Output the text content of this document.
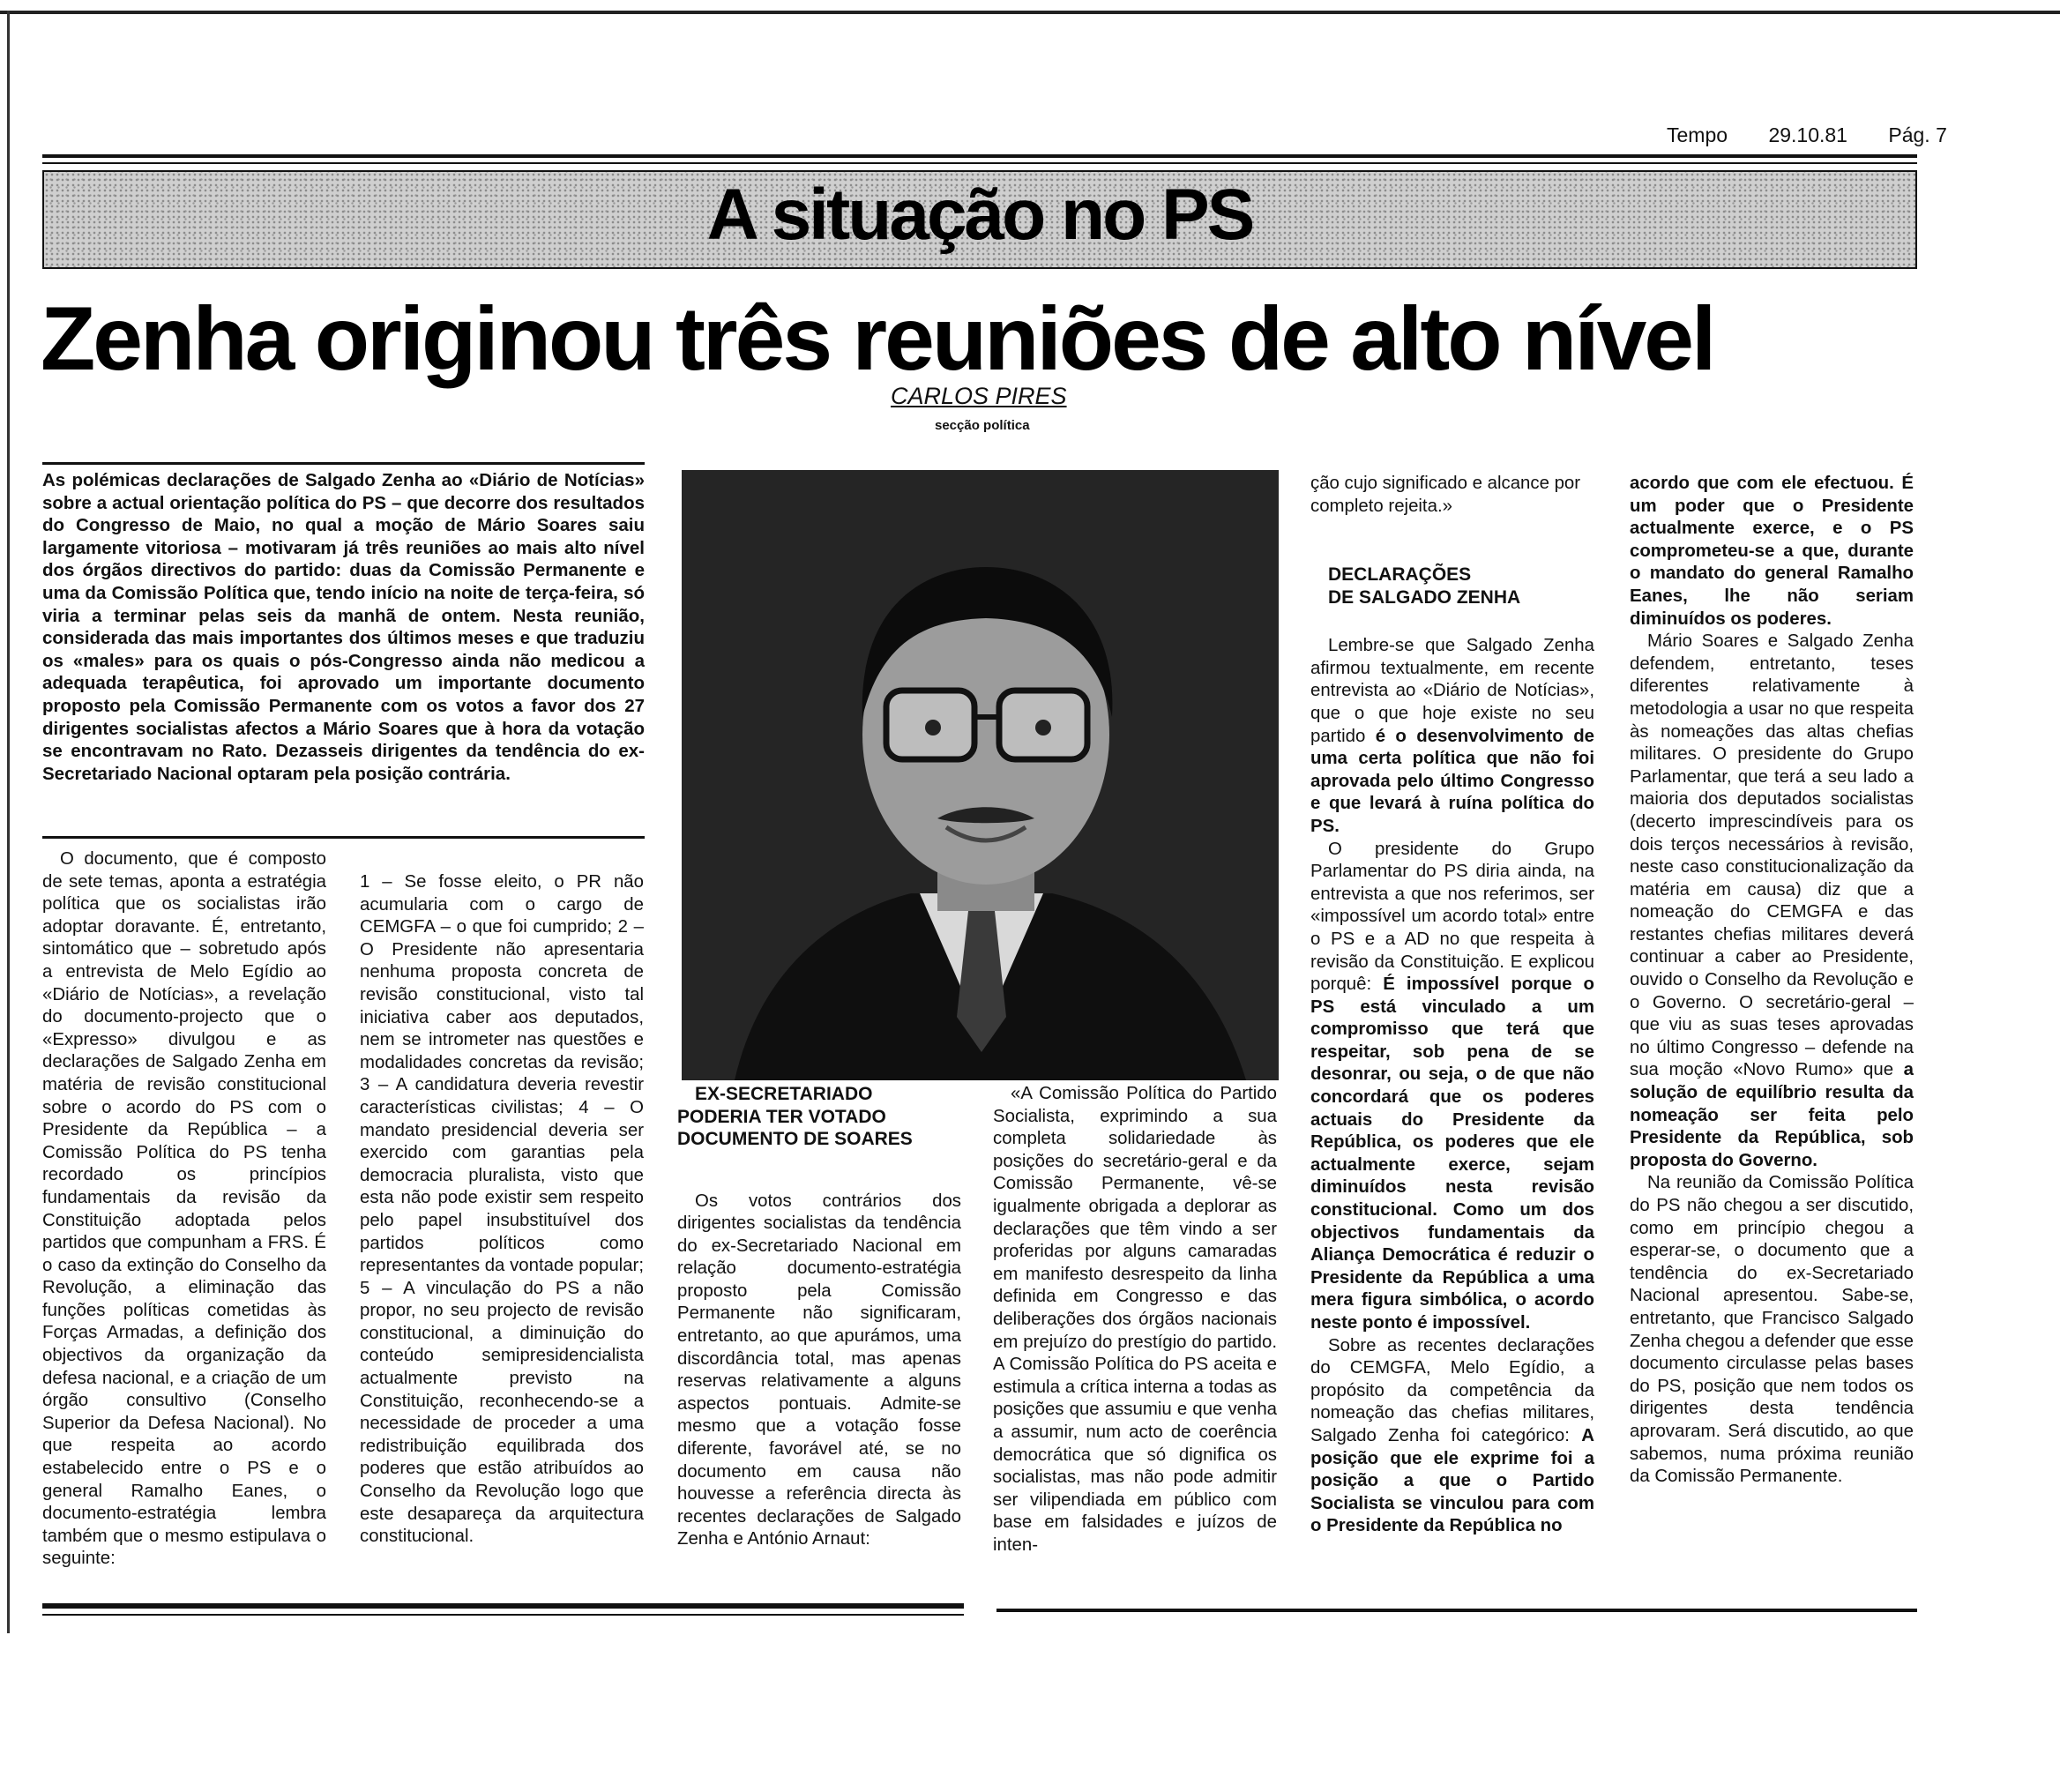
Tempo 29.10.81 Pág. 7
A situação no PS
Zenha originou três reuniões de alto nível
CARLOS PIRES
secção política
As polémicas declarações de Salgado Zenha ao «Diário de Notícias» sobre a actual orientação política do PS – que decorre dos resultados do Congresso de Maio, no qual a moção de Mário Soares saiu largamente vitoriosa – motivaram já três reuniões ao mais alto nível dos órgãos directivos do partido: duas da Comissão Permanente e uma da Comissão Política que, tendo início na noite de terça-feira, só viria a terminar pelas seis da manhã de ontem. Nesta reunião, considerada das mais importantes dos últimos meses e que traduziu os «males» para os quais o pós-Congresso ainda não medicou a adequada terapêutica, foi aprovado um importante documento proposto pela Comissão Permanente com os votos a favor dos 27 dirigentes socialistas afectos a Mário Soares que à hora da votação se encontravam no Rato. Dezasseis dirigentes da tendência do ex-Secretariado Nacional optaram pela posição contrária.

O documento, que é composto de sete temas, aponta a estratégia política que os socialistas irão adoptar doravante. É, entretanto, sintomático que – sobretudo após a entrevista de Melo Egídio ao «Diário de Notícias», a revelação do documento-projecto que o «Expresso» divulgou e as declarações de Salgado Zenha em matéria de revisão constitucional sobre o acordo do PS com o Presidente da República – a Comissão Política do PS tenha recordado os princípios fundamentais da revisão da Constituição adoptada pelos partidos que compunham a FRS. É o caso da extinção do Conselho da Revolução, a eliminação das funções políticas cometidas às Forças Armadas, a definição dos objectivos da organização da defesa nacional, e a criação de um órgão consultivo (Conselho Superior da Defesa Nacional). No que respeita ao acordo estabelecido entre o PS e o general Ramalho Eanes, o documento-estratégia lembra também que o mesmo estipulava o seguinte:

1 – Se fosse eleito, o PR não acumularia com o cargo de CEMGFA – o que foi cumprido; 2 – O Presidente não apresentaria nenhuma proposta concreta de revisão constitucional, visto tal iniciativa caber aos deputados, nem se intrometer nas questões e modalidades concretas da revisão; 3 – A candidatura deveria revestir características civilistas; 4 – O mandato presidencial deveria ser exercido com garantias pela democracia pluralista, visto que esta não pode existir sem respeito pelo papel insubstituível dos partidos políticos como representantes da vontade popular; 5 – A vinculação do PS a não propor, no seu projecto de revisão constitucional, a diminuição do conteúdo semipresidencialista actualmente previsto na Constituição, reconhecendo-se a necessidade de proceder a uma redistribuição equilibrada dos poderes que estão atribuídos ao Conselho da Revolução logo que este desapareça da arquitectura constitucional.

EX-SECRETARIADO PODERIA TER VOTADO DOCUMENTO DE SOARES

Os votos contrários dos dirigentes socialistas da tendência do ex-Secretariado Nacional em relação documento-estratégia proposto pela Comissão Permanente não significaram, entretanto, ao que apurámos, uma discordância total, mas apenas reservas relativamente a alguns aspectos pontuais. Admite-se mesmo que a votação fosse diferente, favorável até, se no documento em causa não houvesse a referência directa às recentes declarações de Salgado Zenha e António Arnaut:

«A Comissão Política do Partido Socialista, exprimindo a sua completa solidariedade às posições do secretário-geral e da Comissão Permanente, vê-se igualmente obrigada a deplorar as declarações que têm vindo a ser proferidas por alguns camaradas em manifesto desrespeito da linha definida em Congresso e das deliberações dos órgãos nacionais em prejuízo do prestígio do partido. A Comissão Política do PS aceita e estimula a crítica interna a todas as posições que assumiu e que venha a assumir, num acto de coerência democrática que só dignifica os socialistas, mas não pode admitir ser vilipendiada em público com base em falsidades e juízos de inten-

ção cujo significado e alcance por completo rejeita.»

DECLARAÇÕES

DE SALGADO ZENHA

Lembre-se que Salgado Zenha afirmou textualmente, em recente entrevista ao «Diário de Notícias», que o que hoje existe no seu partido é o desenvolvimento de uma certa política que não foi aprovada pelo último Congresso e que levará à ruína política do PS.

O presidente do Grupo Parlamentar do PS diria ainda, na entrevista a que nos referimos, ser «impossível um acordo total» entre o PS e a AD no que respeita à revisão da Constituição. E explicou porquê: É impossível porque o PS está vinculado a um compromisso que terá que respeitar, sob pena de se desonrar, ou seja, o de que não concordará que os poderes actuais do Presidente da República, os poderes que ele actualmente exerce, sejam diminuídos nesta revisão constitucional. Como um dos objectivos fundamentais da Aliança Democrática é reduzir o Presidente da República a uma mera figura simbólica, o acordo neste ponto é impossível.

Sobre as recentes declarações do CEMGFA, Melo Egídio, a propósito da competência da nomeação das chefias militares, Salgado Zenha foi categórico: A posição que ele exprime foi a posição a que o Partido Socialista se vinculou para com o Presidente da República no

acordo que com ele efectuou. É um poder que o Presidente actualmente exerce, e o PS comprometeu-se a que, durante o mandato do general Ramalho Eanes, lhe não seriam diminuídos os poderes.

Mário Soares e Salgado Zenha defendem, entretanto, teses diferentes relativamente à metodologia a usar no que respeita às nomeações das altas chefias militares. O presidente do Grupo Parlamentar, que terá a seu lado a maioria dos deputados socialistas (decerto imprescindíveis para os dois terços necessários à revisão, neste caso constitucionalização da matéria em causa) diz que a nomeação do CEMGFA e das restantes chefias militares deverá continuar a caber ao Presidente, ouvido o Conselho da Revolução e o Governo. O secretário-geral – que viu as suas teses aprovadas no último Congresso – defende na sua moção «Novo Rumo» que a solução de equilíbrio resulta da nomeação ser feita pelo Presidente da República, sob proposta do Governo.

Na reunião da Comissão Política do PS não chegou a ser discutido, como em princípio chegou a esperar-se, o documento que a tendência do ex-Secretariado Nacional apresentou. Sabe-se, entretanto, que Francisco Salgado Zenha chegou a defender que esse documento circulasse pelas bases do PS, posição que nem todos os dirigentes desta tendência aprovaram. Será discutido, ao que sabemos, numa próxima reunião da Comissão Permanente.
